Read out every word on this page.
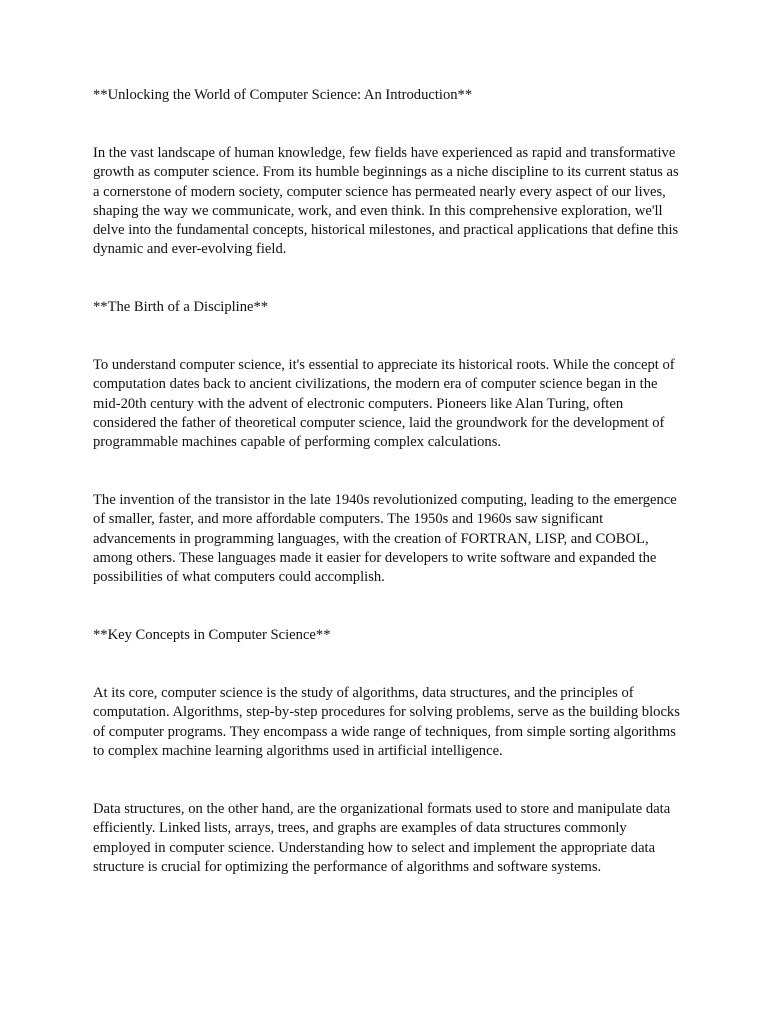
**Unlocking the World of Computer Science: An Introduction**

In the vast landscape of human knowledge, few fields have experienced as rapid and transformative growth as computer science. From its humble beginnings as a niche discipline to its current status as a cornerstone of modern society, computer science has permeated nearly every aspect of our lives, shaping the way we communicate, work, and even think. In this comprehensive exploration, we'll delve into the fundamental concepts, historical milestones, and practical applications that define this dynamic and ever-evolving field.

**The Birth of a Discipline**

To understand computer science, it's essential to appreciate its historical roots. While the concept of computation dates back to ancient civilizations, the modern era of computer science began in the mid-20th century with the advent of electronic computers. Pioneers like Alan Turing, often considered the father of theoretical computer science, laid the groundwork for the development of programmable machines capable of performing complex calculations.

The invention of the transistor in the late 1940s revolutionized computing, leading to the emergence of smaller, faster, and more affordable computers. The 1950s and 1960s saw significant advancements in programming languages, with the creation of FORTRAN, LISP, and COBOL, among others. These languages made it easier for developers to write software and expanded the possibilities of what computers could accomplish.

**Key Concepts in Computer Science**

At its core, computer science is the study of algorithms, data structures, and the principles of computation. Algorithms, step-by-step procedures for solving problems, serve as the building blocks of computer programs. They encompass a wide range of techniques, from simple sorting algorithms to complex machine learning algorithms used in artificial intelligence.

Data structures, on the other hand, are the organizational formats used to store and manipulate data efficiently. Linked lists, arrays, trees, and graphs are examples of data structures commonly employed in computer science. Understanding how to select and implement the appropriate data structure is crucial for optimizing the performance of algorithms and software systems.
